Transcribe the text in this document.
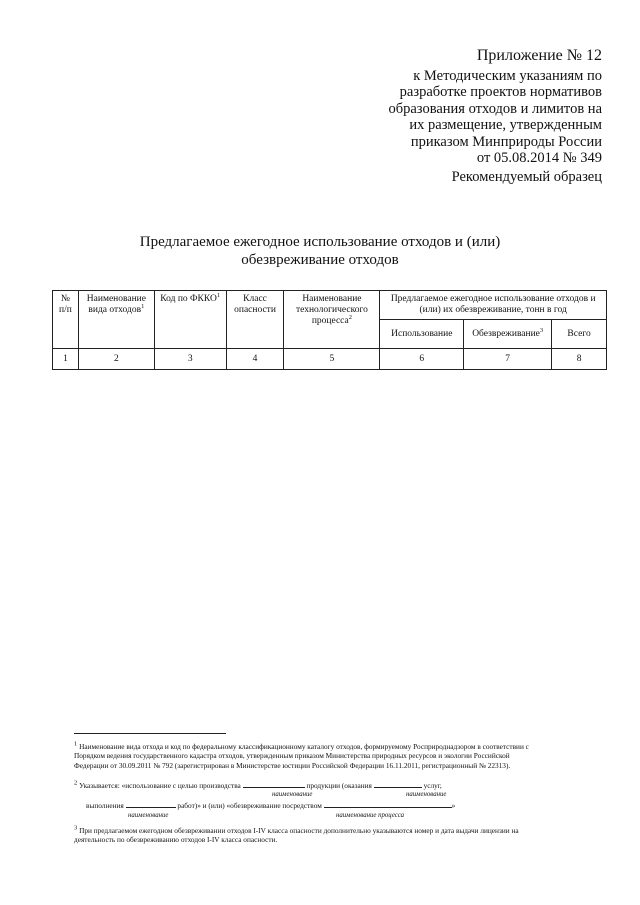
Приложение № 12
к Методическим указаниям по
разработке проектов нормативов
образования отходов и лимитов на
их размещение, утвержденным
приказом Минприроды России
от 05.08.2014 № 349
Рекомендуемый образец
Предлагаемое ежегодное использование отходов и (или)
обезвреживание отходов
№ п/п	Наименование вида отходов$^1$	Код по ФККО$^1$	Класс опасности	Наименование технологического процесса$^2$	Предлагаемое ежегодное использование отходов и (или) их обезвреживание, тонн в год		
					Использование	Обезвреживание$^3$	Всего
1	2	3	4	5	6	7	8
$^1$ Наименование вида отхода и код по федеральному классификационному каталогу отходов, формируемому Росприроднадзором в соответствии с
Порядком ведения государственного кадастра отходов, утвержденным приказом Министерства природных ресурсов и экологии Российской
Федерации от 30.09.2011 № 792 (зарегистрирован в Министерстве юстиции Российской Федерации 16.11.2011, регистрационный № 22313).
$^2$ Указывается: «использование с целью производства	продукции (оказания	услуг,
наименование	наименование
выполнения	работ)» и (или) «обезвреживание посредством	»
наименование	наименование процесса
$^3$ При предлагаемом ежегодном обезвреживании отходов I-IV класса опасности дополнительно указываются номер и дата выдачи лицензии на
деятельность по обезвреживанию отходов I-IV класса опасности.
